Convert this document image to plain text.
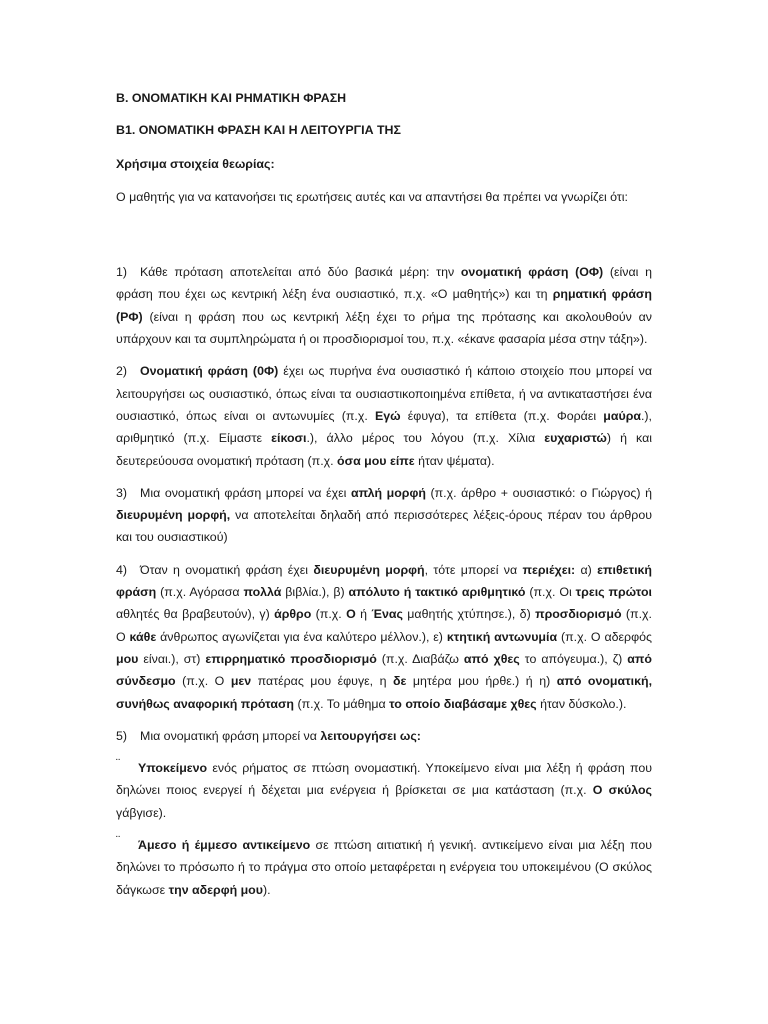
Β. ΟΝΟΜΑΤΙΚΗ ΚΑΙ ΡΗΜΑΤΙΚΗ ΦΡΑΣΗ

Β1. ΟΝΟΜΑΤΙΚΗ ΦΡΑΣΗ ΚΑΙ Η ΛΕΙΤΟΥΡΓΙΑ ΤΗΣ

Χρήσιμα στοιχεία θεωρίας:

Ο μαθητής για να κατανοήσει τις ερωτήσεις αυτές και να απαντήσει θα πρέπει να γνωρίζει ότι:

1) Κάθε πρόταση αποτελείται από δύο βασικά μέρη: την ονοματική φράση (ΟΦ) (είναι η φράση που έχει ως κεντρική λέξη ένα ουσιαστικό, π.χ. «Ο μαθητής») και τη ρηματική φράση (ΡΦ) (είναι η φράση που ως κεντρική λέξη έχει το ρήμα της πρότασης και ακολουθούν αν υπάρχουν και τα συμπληρώματα ή οι προσδιορισμοί του, π.χ. «έκανε φασαρία μέσα στην τάξη»).

2) Ονοματική φράση (0Φ) έχει ως πυρήνα ένα ουσιαστικό ή κάποιο στοιχείο που μπορεί να λειτουργήσει ως ουσιαστικό, όπως είναι τα ουσιαστικοποιημένα επίθετα, ή να αντικαταστήσει ένα ουσιαστικό, όπως είναι οι αντωνυμίες (π.χ. Εγώ έφυγα), τα επίθετα (π.χ. Φοράει μαύρα.), αριθμητικό (π.χ. Είμαστε είκοσι.), άλλο μέρος του λόγου (π.χ. Χίλια ευχαριστώ) ή και δευτερεύουσα ονοματική πρόταση (π.χ. όσα μου είπε ήταν ψέματα).

3) Μια ονοματική φράση μπορεί να έχει απλή μορφή (π.χ. άρθρο + ουσιαστικό: ο Γιώργος) ή διευρυμένη μορφή, να αποτελείται δηλαδή από περισσότερες λέξεις-όρους πέραν του άρθρου και του ουσιαστικού)

4) Όταν η ονοματική φράση έχει διευρυμένη μορφή, τότε μπορεί να περιέχει: α) επιθετική φράση (π.χ. Αγόρασα πολλά βιβλία.), β) απόλυτο ή τακτικό αριθμητικό (π.χ. Οι τρεις πρώτοι αθλητές θα βραβευτούν), γ) άρθρο (π.χ. Ο ή Ένας μαθητής χτύπησε.), δ) προσδιορισμό (π.χ. Ο κάθε άνθρωπος αγωνίζεται για ένα καλύτερο μέλλον.), ε) κτητική αντωνυμία (π.χ. Ο αδερφός μου είναι.), στ) επιρρηματικό προσδιορισμό (π.χ. Διαβάζω από χθες το απόγευμα.), ζ) από σύνδεσμο (π.χ. Ο μεν πατέρας μου έφυγε, η δε μητέρα μου ήρθε.) ή η) από ονοματική, συνήθως αναφορική πρόταση (π.χ. Το μάθημα το οποίο διαβάσαμε χθες ήταν δύσκολο.).

5) Μια ονοματική φράση μπορεί να λειτουργήσει ως:

¨ Υποκείμενο ενός ρήματος σε πτώση ονομαστική. Υποκείμενο είναι μια λέξη ή φράση που δηλώνει ποιος ενεργεί ή δέχεται μια ενέργεια ή βρίσκεται σε μια κατάσταση (π.χ. Ο σκύλος γάβγισε).

¨ Άμεσο ή έμμεσο αντικείμενο σε πτώση αιτιατική ή γενική. αντικείμενο είναι μια λέξη που δηλώνει το πρόσωπο ή το πράγμα στο οποίο μεταφέρεται η ενέργεια του υποκειμένου (Ο σκύλος δάγκωσε την αδερφή μου).
